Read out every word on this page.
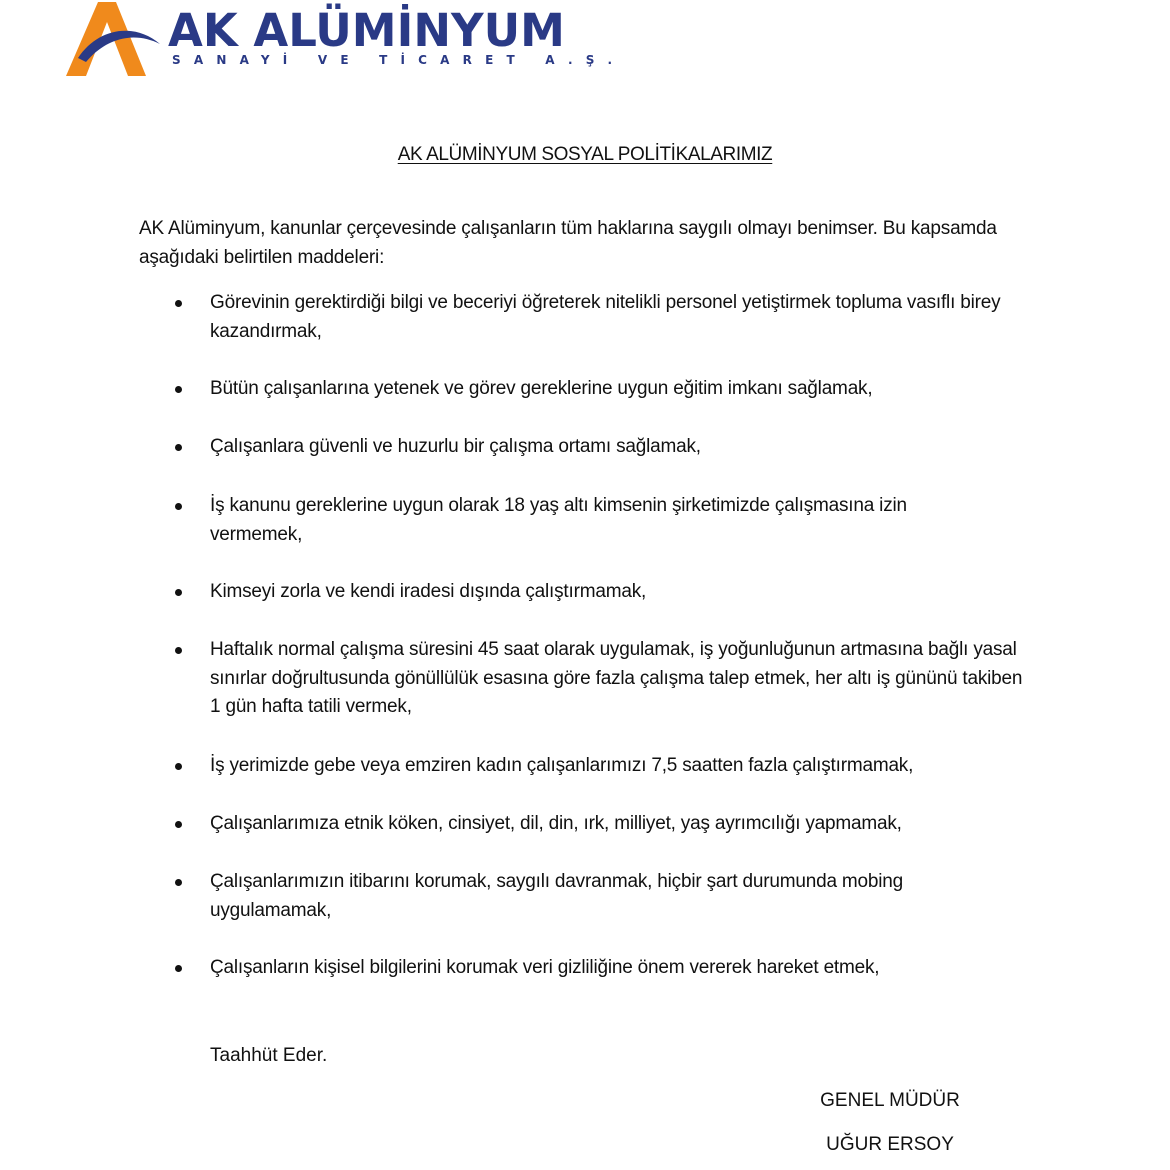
AK ALÜMİNYUM
SANAYİ VE TİCARET A.Ş.
AK ALÜMİNYUM SOSYAL POLİTİKALARIMIZ
AK Alüminyum, kanunlar çerçevesinde çalışanların tüm haklarına saygılı olmayı benimser. Bu kapsamda aşağıdaki belirtilen maddeleri:
Görevinin gerektirdiği bilgi ve beceriyi öğreterek nitelikli personel yetiştirmek topluma vasıflı birey kazandırmak,
Bütün çalışanlarına yetenek ve görev gereklerine uygun eğitim imkanı sağlamak,
Çalışanlara güvenli ve huzurlu bir çalışma ortamı sağlamak,
İş kanunu gereklerine uygun olarak 18 yaş altı kimsenin şirketimizde çalışmasına izin vermemek,
Kimseyi zorla ve kendi iradesi dışında çalıştırmamak,
Haftalık normal çalışma süresini 45 saat olarak uygulamak, iş yoğunluğunun artmasına bağlı yasal sınırlar doğrultusunda gönüllülük esasına göre fazla çalışma talep etmek, her altı iş gününü takiben 1 gün hafta tatili vermek,
İş yerimizde gebe veya emziren kadın çalışanlarımızı 7,5 saatten fazla çalıştırmamak,
Çalışanlarımıza etnik köken, cinsiyet, dil, din, ırk, milliyet, yaş ayrımcılığı yapmamak,
Çalışanlarımızın itibarını korumak, saygılı davranmak, hiçbir şart durumunda mobing uygulamamak,
Çalışanların kişisel bilgilerini korumak veri gizliliğine önem vererek hareket etmek,
Taahhüt Eder.
GENEL MÜDÜR
UĞUR ERSOY
